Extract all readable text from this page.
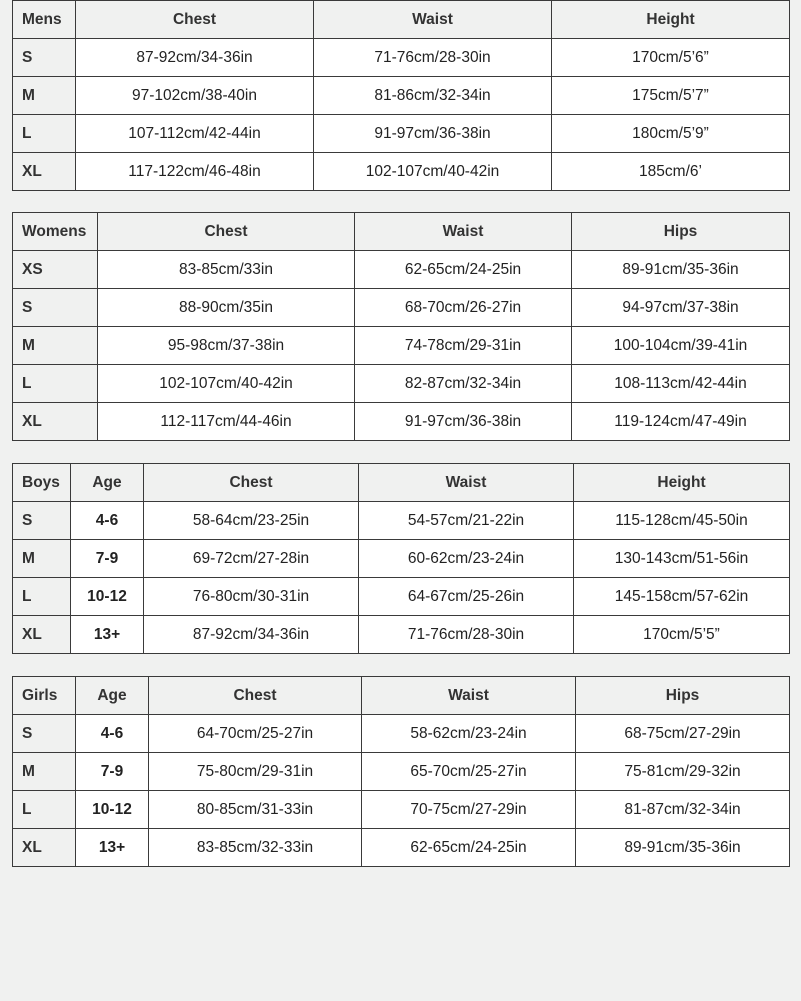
Mens	Chest	Waist	Height
S	87-92cm/34-36in	71-76cm/28-30in	170cm/5’6”
M	97-102cm/38-40in	81-86cm/32-34in	175cm/5’7”
L	107-112cm/42-44in	91-97cm/36-38in	180cm/5’9”
XL	117-122cm/46-48in	102-107cm/40-42in	185cm/6’
Womens	Chest	Waist	Hips
XS	83-85cm/33in	62-65cm/24-25in	89-91cm/35-36in
S	88-90cm/35in	68-70cm/26-27in	94-97cm/37-38in
M	95-98cm/37-38in	74-78cm/29-31in	100-104cm/39-41in
L	102-107cm/40-42in	82-87cm/32-34in	108-113cm/42-44in
XL	112-117cm/44-46in	91-97cm/36-38in	119-124cm/47-49in
Boys	Age	Chest	Waist	Height
S	4-6	58-64cm/23-25in	54-57cm/21-22in	115-128cm/45-50in
M	7-9	69-72cm/27-28in	60-62cm/23-24in	130-143cm/51-56in
L	10-12	76-80cm/30-31in	64-67cm/25-26in	145-158cm/57-62in
XL	13+	87-92cm/34-36in	71-76cm/28-30in	170cm/5’5”
Girls	Age	Chest	Waist	Hips
S	4-6	64-70cm/25-27in	58-62cm/23-24in	68-75cm/27-29in
M	7-9	75-80cm/29-31in	65-70cm/25-27in	75-81cm/29-32in
L	10-12	80-85cm/31-33in	70-75cm/27-29in	81-87cm/32-34in
XL	13+	83-85cm/32-33in	62-65cm/24-25in	89-91cm/35-36in
